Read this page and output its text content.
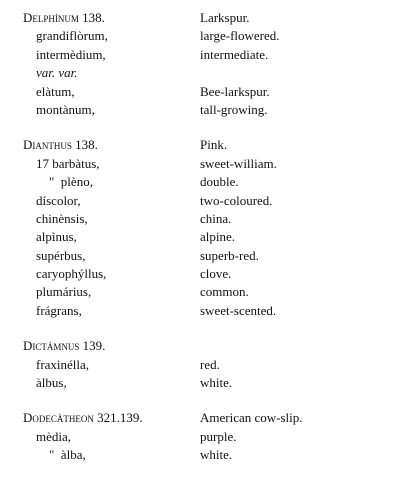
Delphínum 138.	Larkspur.
grandiflòrum,	large-flowered.
intermèdium,	intermediate.
var. var.
elàtum,	Bee-larkspur.
montànum,	tall-growing.
Dianthus 138.	Pink.
17 barbàtus,	sweet-william.
"  plèno,	double.
díscolor,	two-coloured.
chinènsis,	china.
alpìnus,	alpine.
supérbus,	superb-red.
caryophýllus,	clove.
plumárius,	common.
frágrans,	sweet-scented.
Dictámnus 139.
fraxinélla,	red.
àlbus,	white.
Dodecàtheon 321.139.	American cow-slip.
mèdia,	purple.
"  àlba,	white.
